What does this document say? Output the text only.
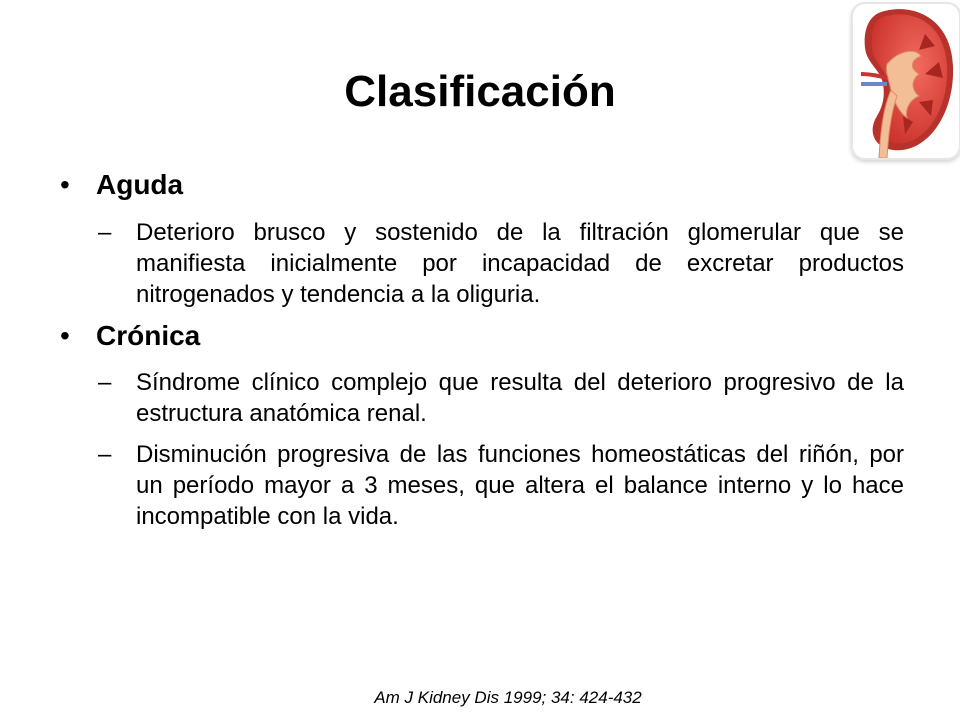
Clasificación
• Aguda
– Deterioro brusco y sostenido de la filtración glomerular que se manifiesta inicialmente por incapacidad de excretar productos nitrogenados y tendencia a la oliguria.
• Crónica
– Síndrome clínico complejo que resulta del deterioro progresivo de la estructura anatómica renal.
– Disminución progresiva de las funciones homeostáticas del riñón, por un período mayor a 3 meses, que altera el balance interno y lo hace incompatible con la vida.
Am J Kidney Dis 1999; 34: 424-432
